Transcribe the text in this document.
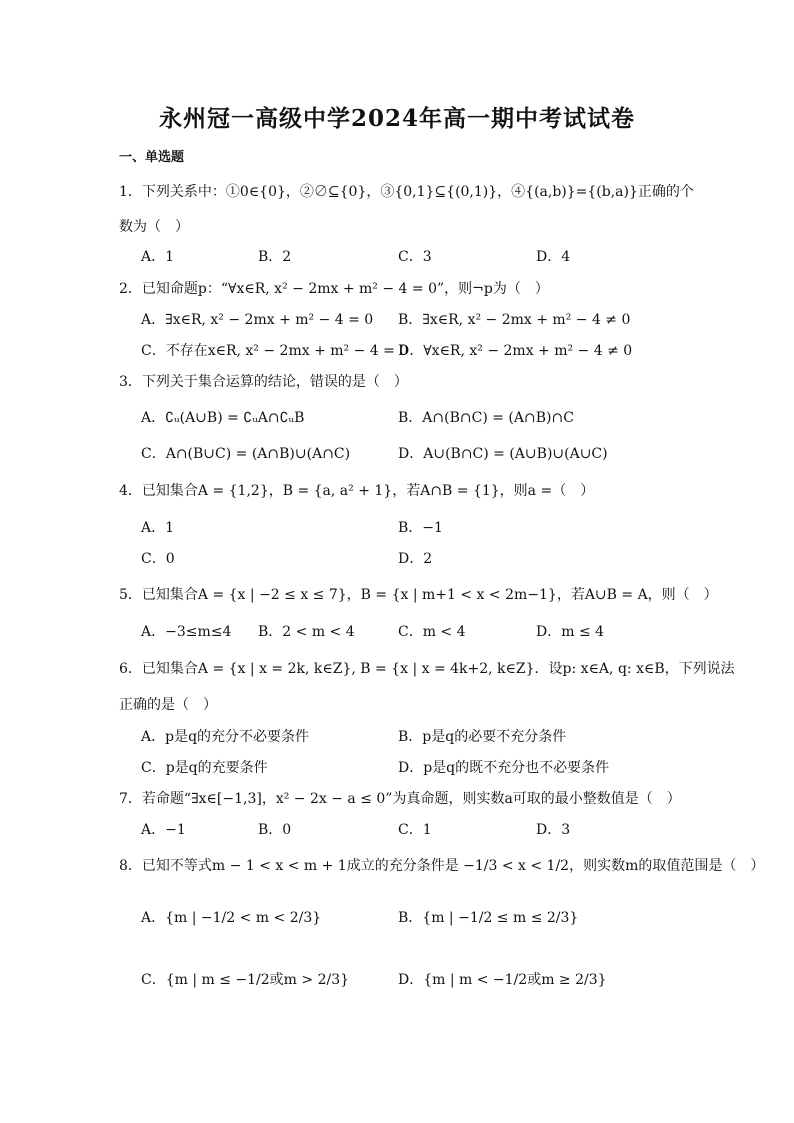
永州冠一高级中学2024年高一期中考试试卷
一、单选题
1．下列关系中：①0∈{0}，②∅⊆{0}，③{0,1}⊆{(0,1)}，④{(a,b)}={(b,a)}正确的个
数为（　）
A．1	B．2	C．3	D．4
2．已知命题p：“∀x∈R, x² − 2mx + m² − 4 = 0”，则¬p为（　）
A．∃x∈R, x² − 2mx + m² − 4 = 0 B．∃x∈R, x² − 2mx + m² − 4 ≠ 0
C．不存在x∈R, x² − 2mx + m² − 4 = 0
D．∀x∈R, x² − 2mx + m² − 4 ≠ 0
3．下列关于集合运算的结论，错误的是（　）
A．∁ᵤ(A∪B) = ∁ᵤA∩∁ᵤB	B．A∩(B∩C) = (A∩B)∩C
C．A∩(B∪C) = (A∩B)∪(A∩C)	D．A∪(B∩C) = (A∪B)∪(A∪C)
4．已知集合A = {1,2}，B = {a, a² + 1}，若A∩B = {1}，则a =（　）
A．1	B．−1
C．0	D．2
5．已知集合A = {x | −2 ≤ x ≤ 7}，B = {x | m+1 < x < 2m−1}，若A∪B = A，则（　）
A．−3≤m≤4 B．2 < m < 4	C．m < 4	D．m ≤ 4
6．已知集合A = {x | x = 2k, k∈Z}, B = {x | x = 4k+2, k∈Z}．设p: x∈A, q: x∈B，下列说法
正确的是（　）
A．p是q的充分不必要条件	B．p是q的必要不充分条件
C．p是q的充要条件	D．p是q的既不充分也不必要条件
7．若命题“∃x∈[−1,3]，x² − 2x − a ≤ 0”为真命题，则实数a可取的最小整数值是（　）
A．−1	B．0	C．1	D．3
8．已知不等式m − 1 < x < m + 1成立的充分条件是 −1/3 < x < 1/2，则实数m的取值范围是（　）
A．{m | −1/2 < m < 2/3}	B．{m | −1/2 ≤ m ≤ 2/3}
C．{m | m ≤ −1/2或m > 2/3}	D．{m | m < −1/2或m ≥ 2/3}
